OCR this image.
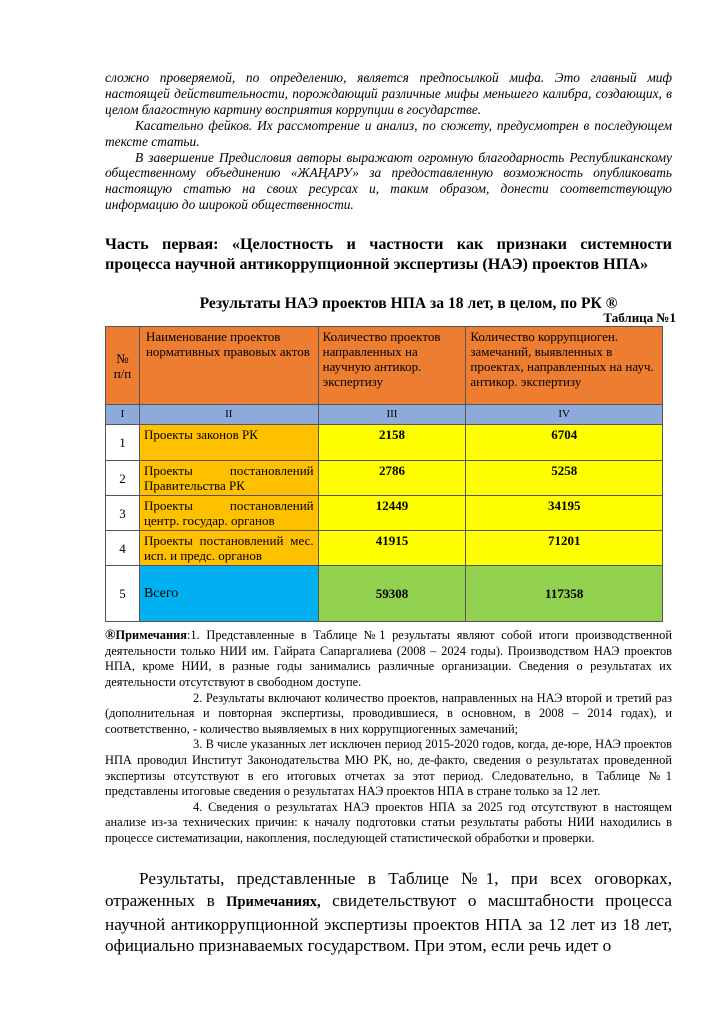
сложно проверяемой, по определению, является предпосылкой мифа. Это главный миф настоящей действительности, порождающий различные мифы меньшего калибра, создающих, в целом благостную картину восприятия коррупции в государстве.

Касательно фейков. Их рассмотрение и анализ, по сюжету, предусмотрен в последующем тексте статьи.

В завершение Предисловия авторы выражают огромную благодарность Республиканскому общественному объединению «ЖАҢАРУ» за предоставленную возможность опубликовать настоящую статью на своих ресурсах и, таким образом, донести соответствующую информацию до широкой общественности.

Часть первая: «Целостность и частности как признаки системности процесса научной антикоррупционной экспертизы (НАЭ) проектов НПА»
Результаты НАЭ проектов НПА за 18 лет, в целом, по РК ®
Таблица №1
№ п/п	Наименование проектов нормативных правовых актов	Количество проектов направленных на научную антикор. экспертизу	Количество коррупциоген. замечаний, выявленных в проектах, направленных на науч. антикор. экспертизу
I	II	III	IV
1	Проекты законов РК	2158	6704
2	Проекты постановлений Правительства РК	2786	5258
3	Проекты постановлений центр. государ. органов	12449	34195
4	Проекты постановлений мес. исп. и предс. органов	41915	71201
5	Всего	59308	117358

®Примечания:1. Представленные в Таблице №1 результаты являют собой итоги производственной деятельности только НИИ им. Гайрата Сапаргалиева (2008 – 2024 годы). Производством НАЭ проектов НПА, кроме НИИ, в разные годы занимались различные организации. Сведения о результатах их деятельности отсутствуют в свободном доступе.

2. Результаты включают количество проектов, направленных на НАЭ второй и третий раз (дополнительная и повторная экспертизы, проводившиеся, в основном, в 2008 – 2014 годах), и соответственно, - количество выявляемых в них коррупциогенных замечаний;

3. В числе указанных лет исключен период 2015-2020 годов, когда, де-юре, НАЭ проектов НПА проводил Институт Законодательства МЮ РК, но, де-факто, сведения о результатах проведенной экспертизы отсутствуют в его итоговых отчетах за этот период. Следовательно, в Таблице №1 представлены итоговые сведения о результатах НАЭ проектов НПА в стране только за 12 лет.

4. Сведения о результатах НАЭ проектов НПА за 2025 год отсутствуют в настоящем анализе из-за технических причин: к началу подготовки статьи результаты работы НИИ находились в процессе систематизации, накопления, последующей статистической обработки и проверки.

Результаты, представленные в Таблице №1, при всех оговорках, отраженных в Примечаниях, свидетельствуют о масштабности процесса научной антикоррупционной экспертизы проектов НПА за 12 лет из 18 лет, официально признаваемых государством. При этом, если речь идет о
